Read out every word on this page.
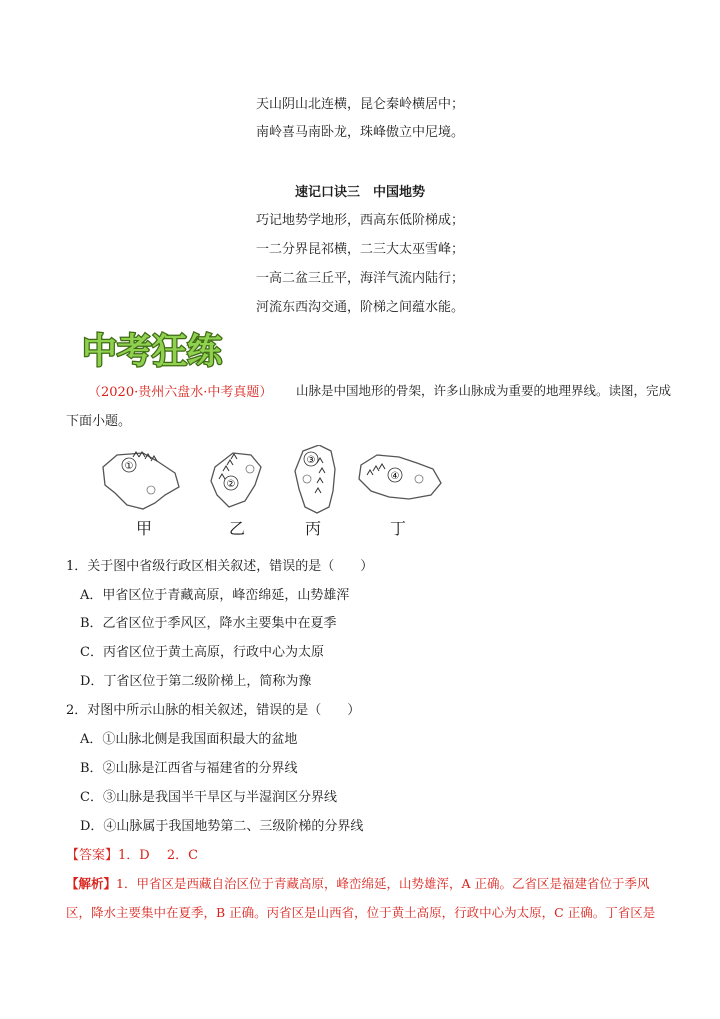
天山阴山北连横，昆仑秦岭横居中；
南岭喜马南卧龙，珠峰傲立中尼境。
速记口诀三　中国地势
巧记地势学地形，西高东低阶梯成；
一二分界昆祁横，二三大太巫雪峰；
一高二盆三丘平，海洋气流内陆行；
河流东西沟交通，阶梯之间蕴水能。
中考狂练
（2020·贵州六盘水·中考真题） 山脉是中国地形的骨架，许多山脉成为重要的地理界线。读图，完成
下面小题。
①
②
③
④
甲	乙	丙	丁
1．关于图中省级行政区相关叙述，错误的是（　　）
A．甲省区位于青藏高原，峰峦绵延，山势雄浑
B．乙省区位于季风区，降水主要集中在夏季
C．丙省区位于黄土高原，行政中心为太原
D．丁省区位于第二级阶梯上，简称为豫
2．对图中所示山脉的相关叙述，错误的是（　　）
A．①山脉北侧是我国面积最大的盆地
B．②山脉是江西省与福建省的分界线
C．③山脉是我国半干旱区与半湿润区分界线
D．④山脉属于我国地势第二、三级阶梯的分界线
【答案】1．D　 2．C
【解析】1．甲省区是西藏自治区位于青藏高原，峰峦绵延，山势雄浑，A 正确。乙省区是福建省位于季风
区，降水主要集中在夏季，B 正确。丙省区是山西省，位于黄土高原，行政中心为太原，C 正确。丁省区是
